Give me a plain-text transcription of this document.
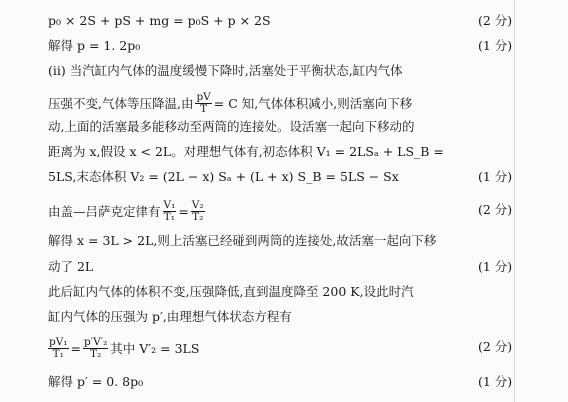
p₀ × 2S + pS + mg = p₀S + p × 2S	(2 分)
解得 p = 1. 2p₀	(1 分)
(ⅱ) 当汽缸内气体的温度缓慢下降时,活塞处于平衡状态,缸内气体
压强不变,气体等压降温,由 $\frac{pV}{T} = C$ 知,气体体积减小,则活塞向下移
动,上面的活塞最多能移动至两筒的连接处。设活塞一起向下移动的
距离为 x,假设 x < 2L。对理想气体有,初态体积 V₁ = 2LSₐ + LS_B =
5LS,末态体积 V₂ = (2L − x) Sₐ + (L + x) S_B = 5LS − Sx	(1 分)
由盖—吕萨克定律有 $\frac{\text{V₁}}{\text{T₁}} = \frac{\text{V₂}}{\text{T₂}}$	(2 分)
解得 x = 3L > 2L,则上活塞已经碰到两筒的连接处,故活塞一起向下移
动了 2L	(1 分)
此后缸内气体的体积不变,压强降低,直到温度降至 200 K,设此时汽
缸内气体的压强为 p′,由理想气体状态方程有
$\frac{\text{pV₁}}{\text{T₁}} = \frac{\text{p′V′₂}}{\text{T₂}}$ 其中 V′₂ = 3LS	(2 分)
解得 p′ = 0. 8p₀	(1 分)
